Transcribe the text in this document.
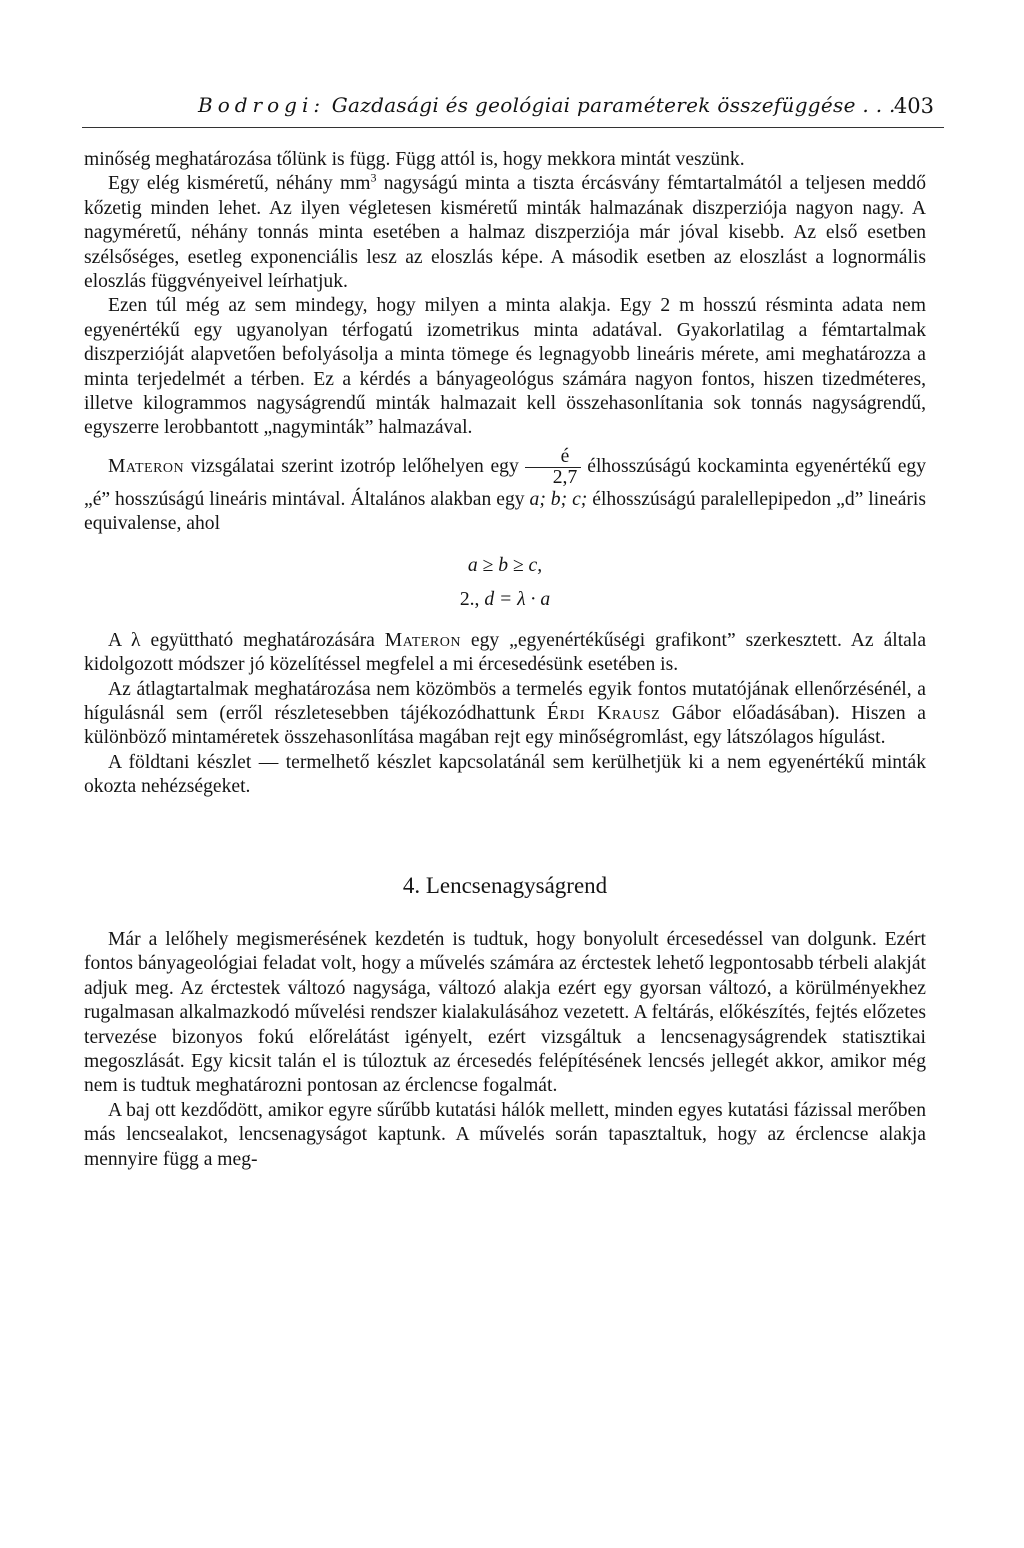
Bodrogi: Gazdasági és geológiai paraméterek összefüggése . . .
403

minőség meghatározása tőlünk is függ. Függ attól is, hogy mekkora mintát veszünk.

Egy elég kisméretű, néhány $mm^3$ nagyságú minta a tiszta ércásvány fémtartalmától a teljesen meddő kőzetig minden lehet. Az ilyen végletesen kisméretű minták halmazának diszperziója nagyon nagy. A nagyméretű, néhány tonnás minta esetében a halmaz diszperziója már jóval kisebb. Az első esetben szélsőséges, esetleg exponenciális lesz az eloszlás képe. A második esetben az eloszlást a lognormális eloszlás függvényeivel leírhatjuk.

Ezen túl még az sem mindegy, hogy milyen a minta alakja. Egy 2 m hosszú résminta adata nem egyenértékű egy ugyanolyan térfogatú izometrikus minta adatával. Gyakorlatilag a fémtartalmak diszperzióját alapvetően befolyásolja a minta tömege és legnagyobb lineáris mérete, ami meghatározza a minta terjedelmét a térben. Ez a kérdés a bányageológus számára nagyon fontos, hiszen tizedméteres, illetve kilogrammos nagyságrendű minták halmazait kell összehasonlítania sok tonnás nagyságrendű, egyszerre lerobbantott „nagyminták” halmazával.

Materon vizsgálatai szerint izotróp lelőhelyen egy $\frac{é}{2,7}$ élhosszúságú kockaminta egyenértékű egy „é” hosszúságú lineáris mintával. Általános alakban egy a; b; c; élhosszúságú paralellepipedon „d” lineáris equivalense, ahol

a ≥ b ≥ c,
2., d = λ · a

A λ együttható meghatározására Materon egy „egyenértékűségi grafikont” szerkesztett. Az általa kidolgozott módszer jó közelítéssel megfelel a mi ércesedésünk esetében is.

Az átlagtartalmak meghatározása nem közömbös a termelés egyik fontos mutatójának ellenőrzésénél, a hígulásnál sem (erről részletesebben tájékozódhattunk Érdi Krausz Gábor előadásában). Hiszen a különböző mintaméretek összehasonlítása magában rejt egy minőségromlást, egy látszólagos hígulást.

A földtani készlet — termelhető készlet kapcsolatánál sem kerülhetjük ki a nem egyenértékű minták okozta nehézségeket.

4. Lencsenagyságrend

Már a lelőhely megismerésének kezdetén is tudtuk, hogy bonyolult ércesedéssel van dolgunk. Ezért fontos bányageológiai feladat volt, hogy a művelés számára az érctestek lehető legpontosabb térbeli alakját adjuk meg. Az érctestek változó nagysága, változó alakja ezért egy gyorsan változó, a körülményekhez rugalmasan alkalmazkodó művelési rendszer kialakulásához vezetett. A feltárás, előkészítés, fejtés előzetes tervezése bizonyos fokú előrelátást igényelt, ezért vizsgáltuk a lencsenagyságrendek statisztikai megoszlását. Egy kicsit talán el is túloztuk az ércesedés felépítésének lencsés jellegét akkor, amikor még nem is tudtuk meghatározni pontosan az érclencse fogalmát.

A baj ott kezdődött, amikor egyre sűrűbb kutatási hálók mellett, minden egyes kutatási fázissal merőben más lencsealakot, lencsenagyságot kaptunk. A művelés során tapasztaltuk, hogy az érclencse alakja mennyire függ a meg-
